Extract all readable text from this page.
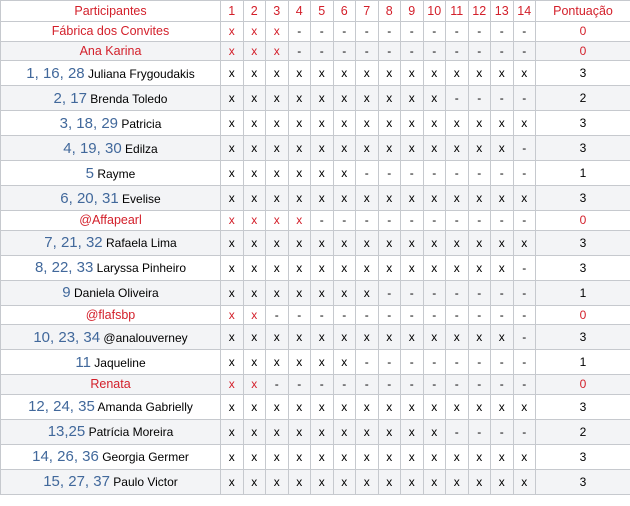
Participantes	1	2	3	4	5	6	7	8	9	10	11	12	13	14	Pontuação
Fábrica dos Convites	x	x	x	-	-	-	-	-	-	-	-	-	-	-	0
Ana Karina	x	x	x	-	-	-	-	-	-	-	-	-	-	-	0
1, 16, 28 Juliana Frygoudakis	x	x	x	x	x	x	x	x	x	x	x	x	x	x	3
2, 17 Brenda Toledo	x	x	x	x	x	x	x	x	x	x	-	-	-	-	2
3, 18, 29 Patricia	x	x	x	x	x	x	x	x	x	x	x	x	x	x	3
4, 19, 30 Edilza	x	x	x	x	x	x	x	x	x	x	x	x	x	-	3
5 Rayme	x	x	x	x	x	x	-	-	-	-	-	-	-	-	1
6, 20, 31 Evelise	x	x	x	x	x	x	x	x	x	x	x	x	x	x	3
@Affapearl	x	x	x	x	-	-	-	-	-	-	-	-	-	-	0
7, 21, 32 Rafaela Lima	x	x	x	x	x	x	x	x	x	x	x	x	x	x	3
8, 22, 33 Laryssa Pinheiro	x	x	x	x	x	x	x	x	x	x	x	x	x	-	3
9 Daniela Oliveira	x	x	x	x	x	x	x	-	-	-	-	-	-	-	1
@flafsbp	x	x	-	-	-	-	-	-	-	-	-	-	-	-	0
10, 23, 34 @analouverney	x	x	x	x	x	x	x	x	x	x	x	x	x	-	3
11 Jaqueline	x	x	x	x	x	x	-	-	-	-	-	-	-	-	1
Renata	x	x	-	-	-	-	-	-	-	-	-	-	-	-	0
12, 24, 35 Amanda Gabrielly	x	x	x	x	x	x	x	x	x	x	x	x	x	x	3
13,25 Patrícia Moreira	x	x	x	x	x	x	x	x	x	x	-	-	-	-	2
14, 26, 36 Georgia Germer	x	x	x	x	x	x	x	x	x	x	x	x	x	x	3
15, 27, 37 Paulo Victor	x	x	x	x	x	x	x	x	x	x	x	x	x	x	3
